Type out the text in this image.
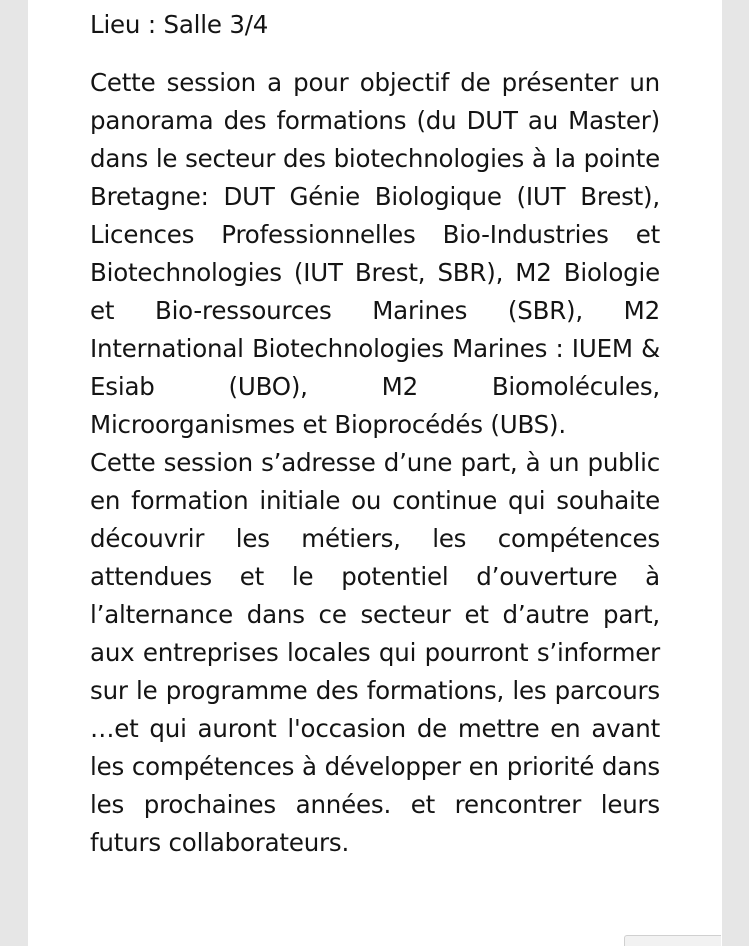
Lieu : Salle 3/4

Cette session a pour objectif de présenter un panorama des formations (du DUT au Master) dans le secteur des biotechnologies à la pointe Bretagne: DUT Génie Biologique (IUT Brest), Licences Professionnelles Bio-Industries et Biotechnologies (IUT Brest, SBR), M2 Biologie et Bio-ressources Marines (SBR), M2 International Biotechnologies Marines : IUEM & Esiab (UBO), M2 Biomolécules, Microorganismes et Bioprocédés (UBS).

Cette session s’adresse d’une part, à un public en formation initiale ou continue qui souhaite découvrir les métiers, les compétences attendues et le potentiel d’ouverture à l’alternance dans ce secteur et d’autre part, aux entreprises locales qui pourront s’informer sur le programme des formations, les parcours …et qui auront l'occasion de mettre en avant les compétences à développer en priorité dans les prochaines années. et rencontrer leurs futurs collaborateurs.
